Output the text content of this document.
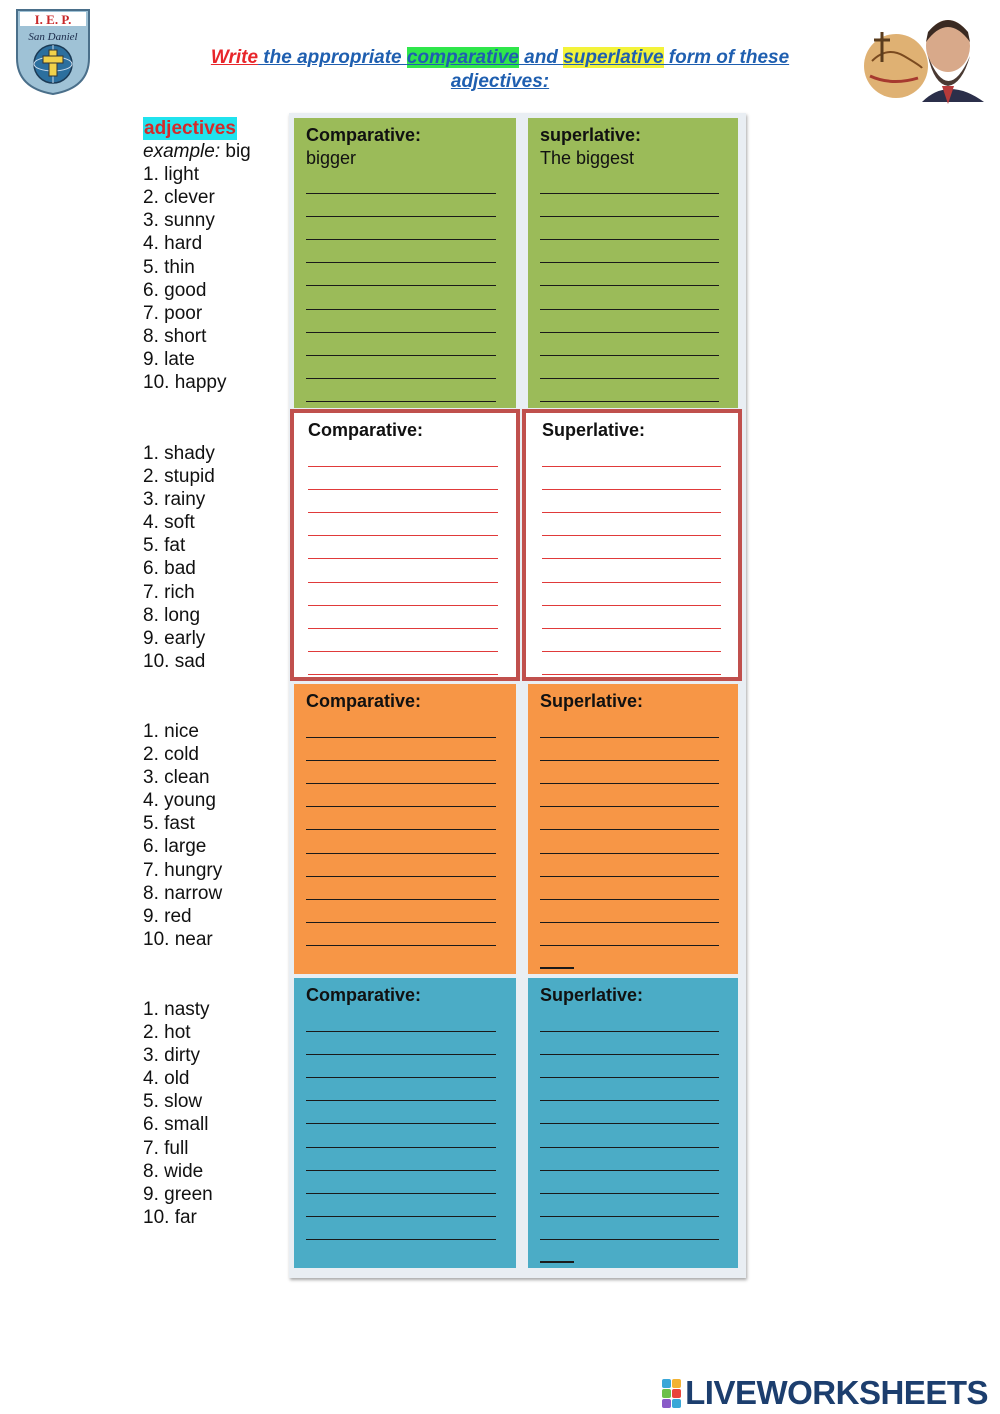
I. E. P.
San Daniel
Write the appropriate comparative and superlative form of these
adjectives:
adjectives
example: big
1. light
2. clever
3. sunny
4. hard
5. thin
6. good
7. poor
8. short
9. late
10. happy
1. shady
2. stupid
3. rainy
4. soft
5. fat
6. bad
7. rich
8. long
9. early
10. sad
1. nice
2. cold
3. clean
4. young
5. fast
6. large
7. hungry
8. narrow
9. red
10. near
1. nasty
2. hot
3. dirty
4. old
5. slow
6. small
7. full
8. wide
9. green
10. far
Comparative:
bigger
superlative:
The biggest
Comparative:	Superlative:
Comparative:	Superlative:
Comparative:	Superlative:
LIVEWORKSHEETS
